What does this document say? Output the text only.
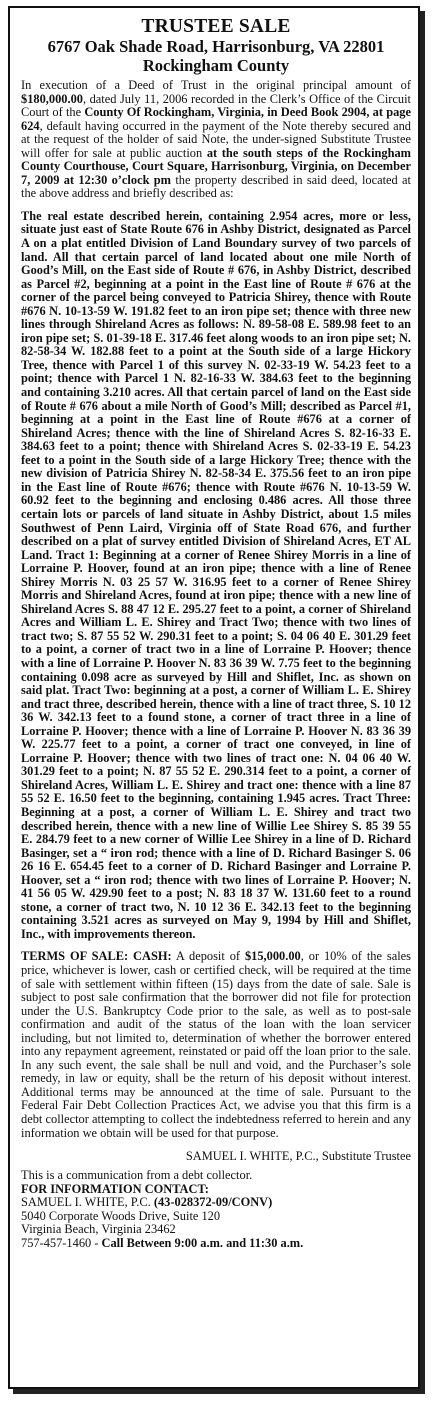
TRUSTEE SALE
6767 Oak Shade Road, Harrisonburg, VA 22801
Rockingham County

In execution of a Deed of Trust in the original principal amount of $180,000.00, dated July 11, 2006 recorded in the Clerk’s Office of the Circuit Court of the County Of Rockingham, Virginia, in Deed Book 2904, at page 624, default having occurred in the payment of the Note thereby secured and at the request of the holder of said Note, the under-signed Substitute Trustee will offer for sale at public auction at the south steps of the Rockingham County Courthouse, Court Square, Harrisonburg, Virginia, on December 7, 2009 at 12:30 o’clock pm the property described in said deed, located at the above address and briefly described as:

The real estate described herein, containing 2.954 acres, more or less, situate just east of State Route 676 in Ashby District, designated as Parcel A on a plat entitled Division of Land Boundary survey of two parcels of land. All that certain parcel of land located about one mile North of Good’s Mill, on the East side of Route # 676, in Ashby District, described as Parcel #2, beginning at a point in the East line of Route # 676 at the corner of the parcel being conveyed to Patricia Shirey, thence with Route #676 N. 10-13-59 W. 191.82 feet to an iron pipe set; thence with three new lines through Shireland Acres as follows: N. 89-58-08 E. 589.98 feet to an iron pipe set; S. 01-39-18 E. 317.46 feet along woods to an iron pipe set; N. 82-58-34 W. 182.88 feet to a point at the South side of a large Hickory Tree, thence with Parcel 1 of this survey N. 02-33-19 W. 54.23 feet to a point; thence with Parcel 1 N. 82-16-33 W. 384.63 feet to the beginning and containing 3.210 acres. All that certain parcel of land on the East side of Route # 676 about a mile North of Good’s Mill; described as Parcel #1, beginning at a point in the East line of Route #676 at a corner of Shireland Acres; thence with the line of Shireland Acres S. 82-16-33 E. 384.63 feet to a point; thence with Shireland Acres S. 02-33-19 E. 54.23 feet to a point in the South side of a large Hickory Tree; thence with the new division of Patricia Shirey N. 82-58-34 E. 375.56 feet to an iron pipe in the East line of Route #676; thence with Route #676 N. 10-13-59 W. 60.92 feet to the beginning and enclosing 0.486 acres. All those three certain lots or parcels of land situate in Ashby District, about 1.5 miles Southwest of Penn Laird, Virginia off of State Road 676, and further described on a plat of survey entitled Division of Shireland Acres, ET AL Land. Tract 1: Beginning at a corner of Renee Shirey Morris in a line of Lorraine P. Hoover, found at an iron pipe; thence with a line of Renee Shirey Morris N. 03 25 57 W. 316.95 feet to a corner of Renee Shirey Morris and Shireland Acres, found at iron pipe; thence with a new line of Shireland Acres S. 88 47 12 E. 295.27 feet to a point, a corner of Shireland Acres and William L. E. Shirey and Tract Two; thence with two lines of tract two; S. 87 55 52 W. 290.31 feet to a point; S. 04 06 40 E. 301.29 feet to a point, a corner of tract two in a line of Lorraine P. Hoover; thence with a line of Lorraine P. Hoover N. 83 36 39 W. 7.75 feet to the beginning containing 0.098 acre as surveyed by Hill and Shiflet, Inc. as shown on said plat. Tract Two: beginning at a post, a corner of William L. E. Shirey and tract three, described herein, thence with a line of tract three, S. 10 12 36 W. 342.13 feet to a found stone, a corner of tract three in a line of Lorraine P. Hoover; thence with a line of Lorraine P. Hoover N. 83 36 39 W. 225.77 feet to a point, a corner of tract one conveyed, in line of Lorraine P. Hoover; thence with two lines of tract one: N. 04 06 40 W. 301.29 feet to a point; N. 87 55 52 E. 290.314 feet to a point, a corner of Shireland Acres, William L. E. Shirey and tract one: thence with a line 87 55 52 E. 16.50 feet to the beginning, containing 1.945 acres. Tract Three: Beginning at a post, a corner of William L. E. Shirey and tract two described herein, thence with a new line of Willie Lee Shirey S. 85 39 55 E. 284.79 feet to a new corner of Willie Lee Shirey in a line of D. Richard Basinger, set a “ iron rod; thence with a line of D. Richard Basinger S. 06 26 16 E. 654.45 feet to a corner of D. Richard Basinger and Lorraine P. Hoover, set a “ iron rod; thence with two lines of Lorraine P. Hoover; N. 41 56 05 W. 429.90 feet to a post; N. 83 18 37 W. 131.60 feet to a round stone, a corner of tract two, N. 10 12 36 E. 342.13 feet to the beginning containing 3.521 acres as surveyed on May 9, 1994 by Hill and Shiflet, Inc., with improvements thereon.

TERMS OF SALE: CASH: A deposit of $15,000.00, or 10% of the sales price, whichever is lower, cash or certified check, will be required at the time of sale with settlement within fifteen (15) days from the date of sale. Sale is subject to post sale confirmation that the borrower did not file for protection under the U.S. Bankruptcy Code prior to the sale, as well as to post-sale confirmation and audit of the status of the loan with the loan servicer including, but not limited to, determination of whether the borrower entered into any repayment agreement, reinstated or paid off the loan prior to the sale. In any such event, the sale shall be null and void, and the Purchaser’s sole remedy, in law or equity, shall be the return of his deposit without interest. Additional terms may be announced at the time of sale. Pursuant to the Federal Fair Debt Collection Practices Act, we advise you that this firm is a debt collector attempting to collect the indebtedness referred to herein and any information we obtain will be used for that purpose.

SAMUEL I. WHITE, P.C., Substitute Trustee
This is a communication from a debt collector.
FOR INFORMATION CONTACT:
SAMUEL I. WHITE, P.C. (43-028372-09/CONV)
5040 Corporate Woods Drive, Suite 120
Virginia Beach, Virginia 23462
757-457-1460 - Call Between 9:00 a.m. and 11:30 a.m.
